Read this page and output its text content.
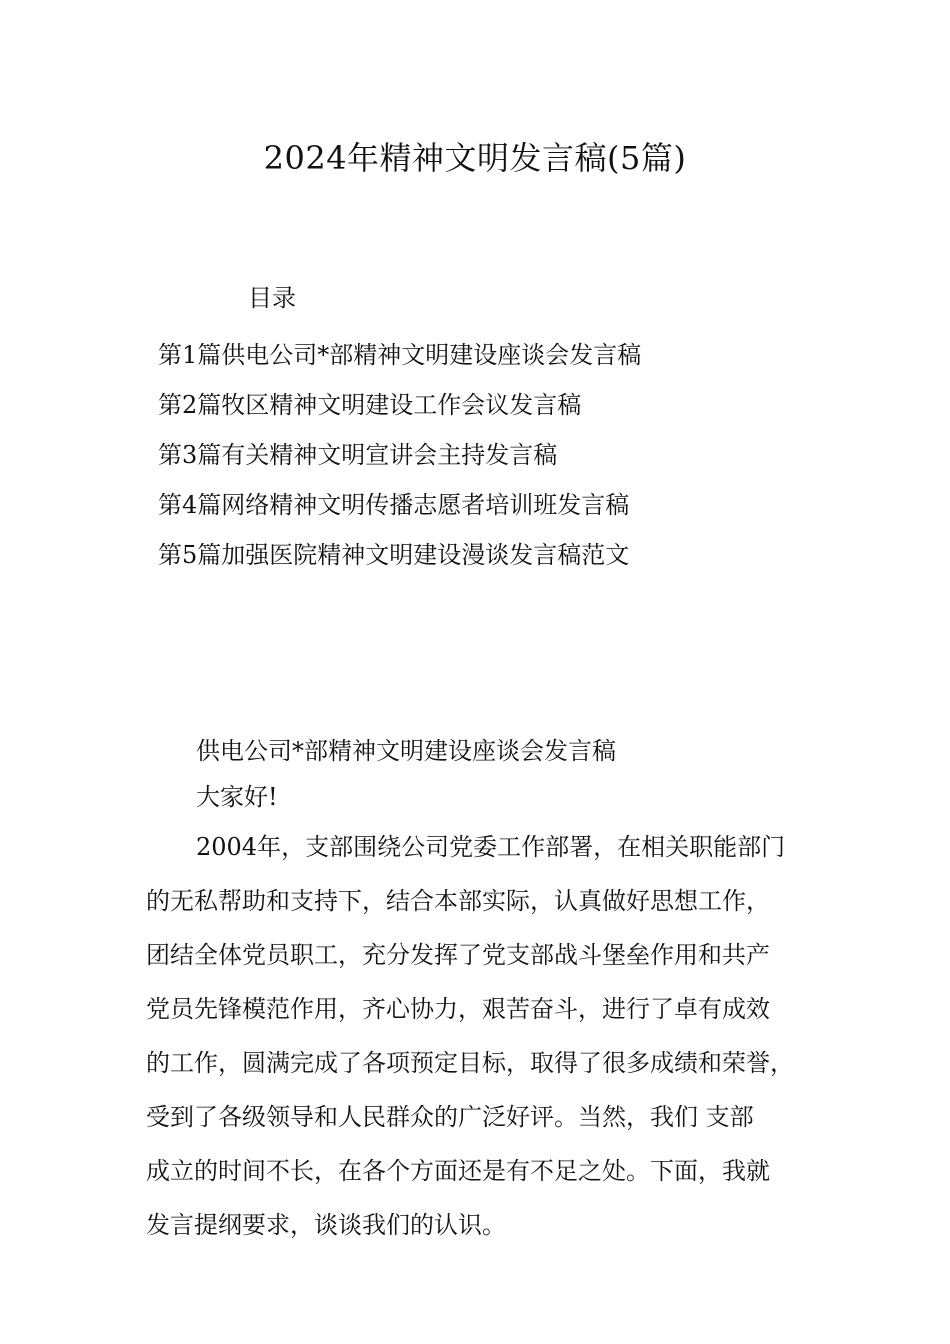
2024年精神文明发言稿(5篇)
目录
第1篇供电公司*部精神文明建设座谈会发言稿
第2篇牧区精神文明建设工作会议发言稿
第3篇有关精神文明宣讲会主持发言稿
第4篇网络精神文明传播志愿者培训班发言稿
第5篇加强医院精神文明建设漫谈发言稿范文
供电公司*部精神文明建设座谈会发言稿
大家好!
2004年，支部围绕公司党委工作部署，在相关职能部门
的无私帮助和支持下，结合本部实际，认真做好思想工作，
团结全体党员职工，充分发挥了党支部战斗堡垒作用和共产
党员先锋模范作用，齐心协力，艰苦奋斗，进行了卓有成效
的工作，圆满完成了各项预定目标，取得了很多成绩和荣誉，
受到了各级领导和人民群众的广泛好评。当然，我们 支部
成立的时间不长，在各个方面还是有不足之处。下面，我就
发言提纲要求，谈谈我们的认识。
